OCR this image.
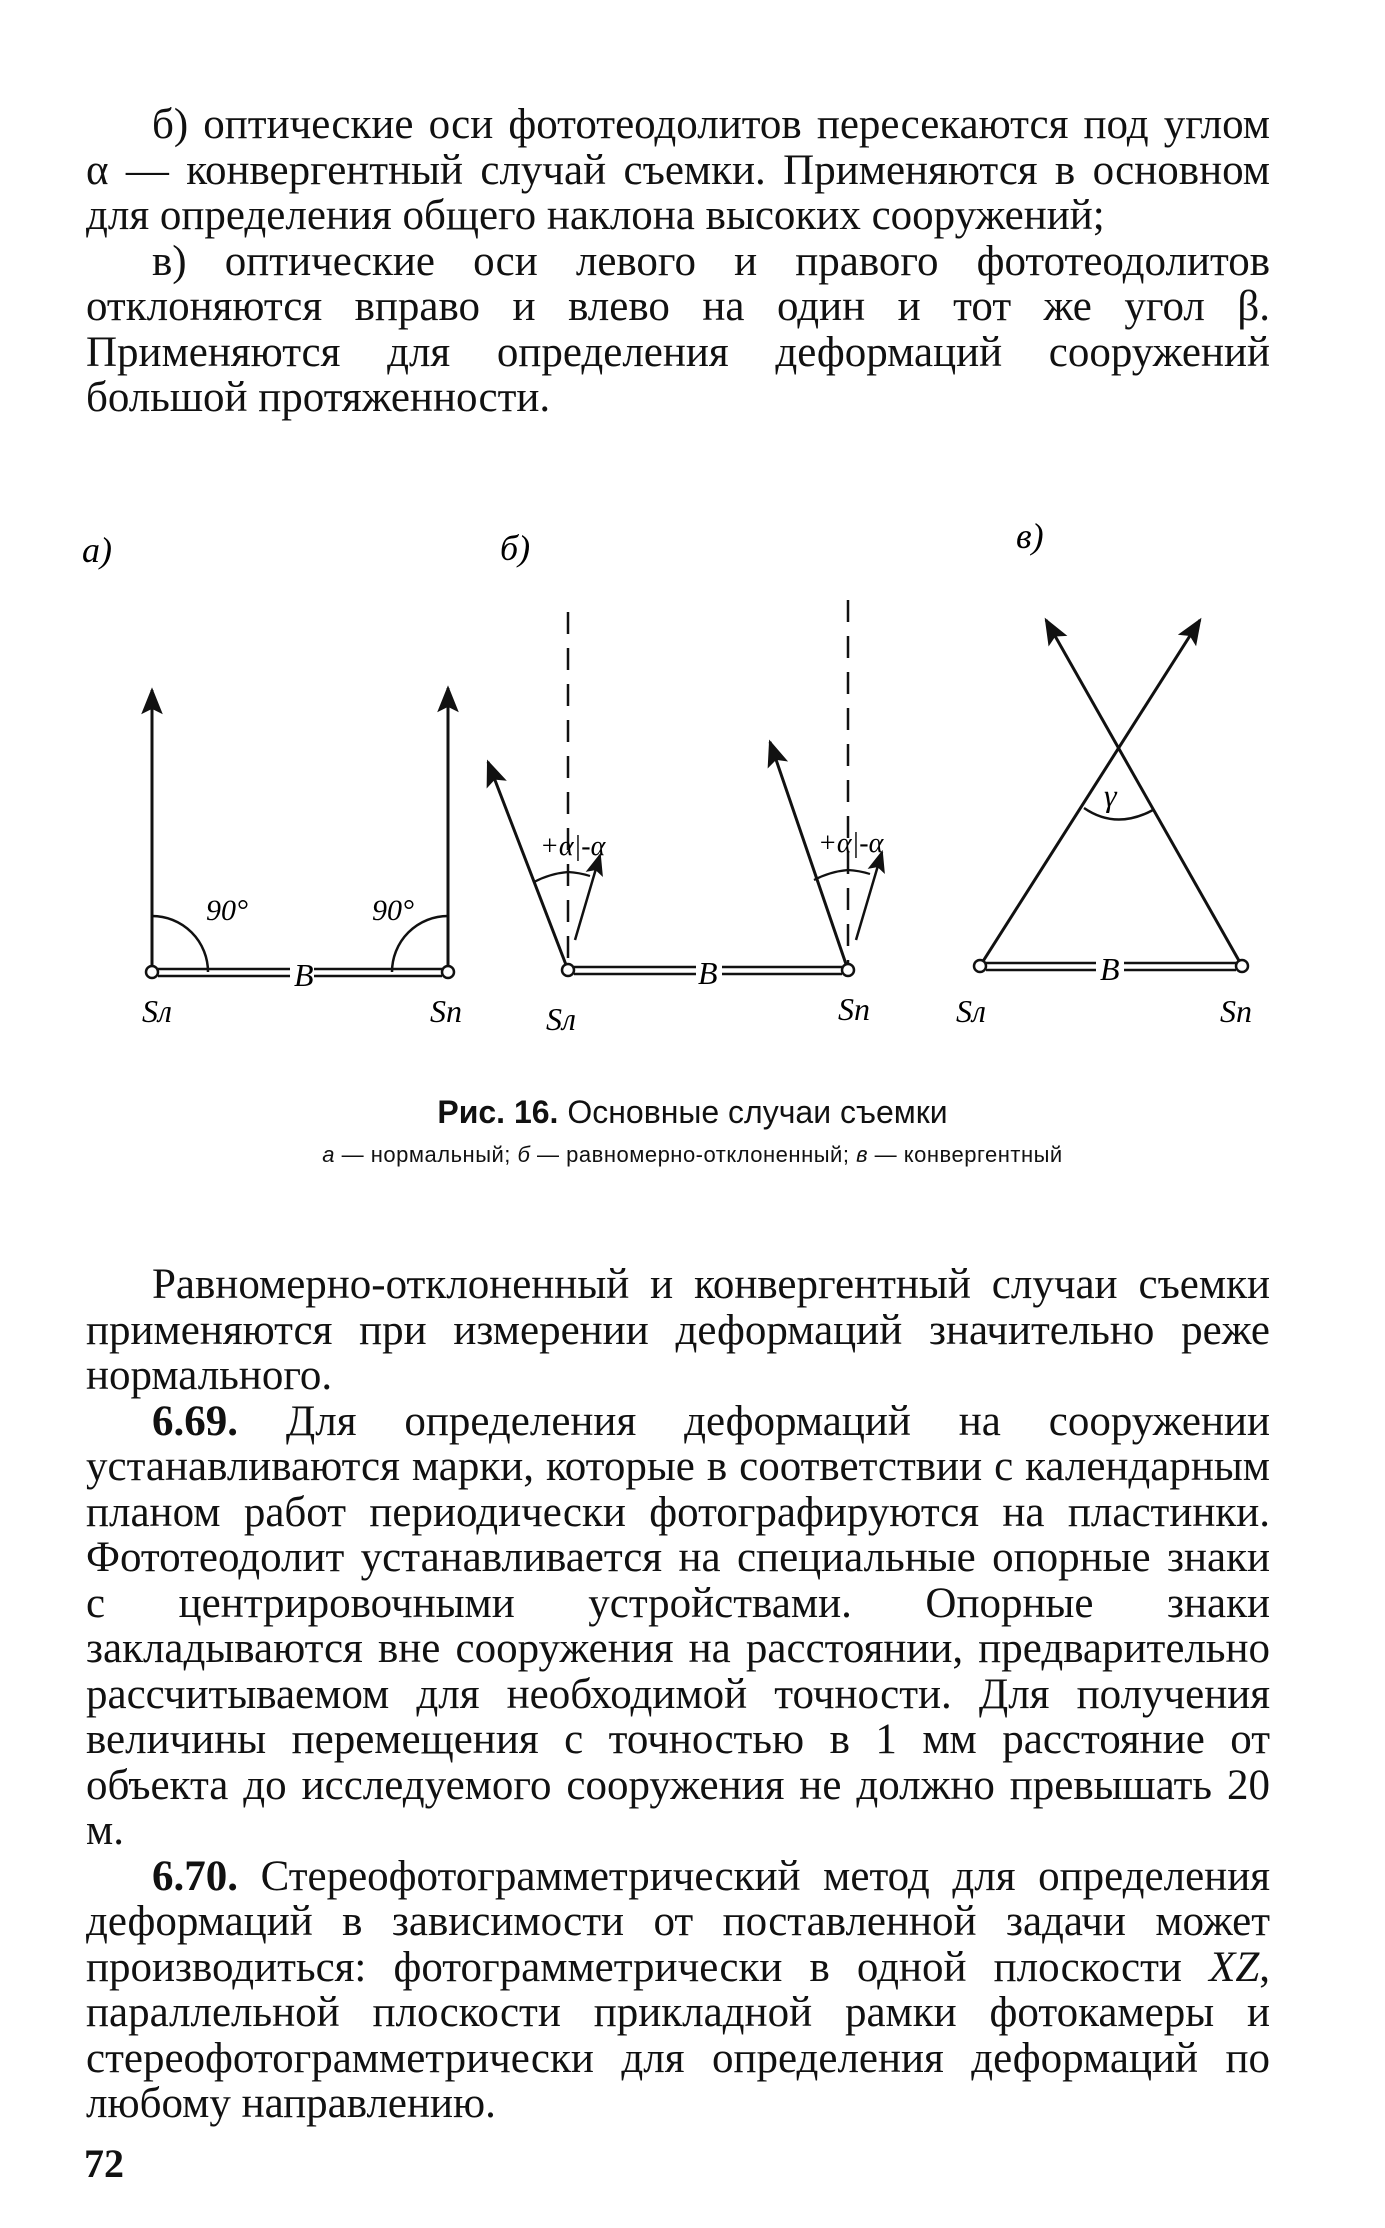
б) оптические оси фототеодолитов пересекаются под углом α — конвергентный случай съемки. Применяются в основном для определения общего наклона высоких сооружений;

в) оптические оси левого и правого фототеодолитов отклоняются вправо и влево на один и тот же угол β. Применяются для определения деформаций сооружений большой протяженности.

а)
B
90°	90°
Sл	Sп
б)
+α|-α	+α|-α
B
Sл	Sп
в)
γ
B
Sл	Sп

Рис. 16. Основные случаи съемки

а — нормальный; б — равномерно-отклоненный; в — конвергентный

Равномерно-отклоненный и конвергентный случаи съемки применяются при измерении деформаций значительно реже нормального.

6.69. Для определения деформаций на сооружении устанавливаются марки, которые в соответствии с календарным планом работ периодически фотографируются на пластинки. Фототеодолит устанавливается на специальные опорные знаки с центрировочными устройствами. Опорные знаки закладываются вне сооружения на расстоянии, предварительно рассчитываемом для необходимой точности. Для получения величины перемещения с точностью в 1 мм расстояние от объекта до исследуемого сооружения не должно превышать 20 м.

6.70. Стереофотограмметрический метод для определения деформаций в зависимости от поставленной задачи может производиться: фотограмметрически в одной плоскости XZ, параллельной плоскости прикладной рамки фотокамеры и стереофотограмметрически для определения деформаций по любому направлению.

72
